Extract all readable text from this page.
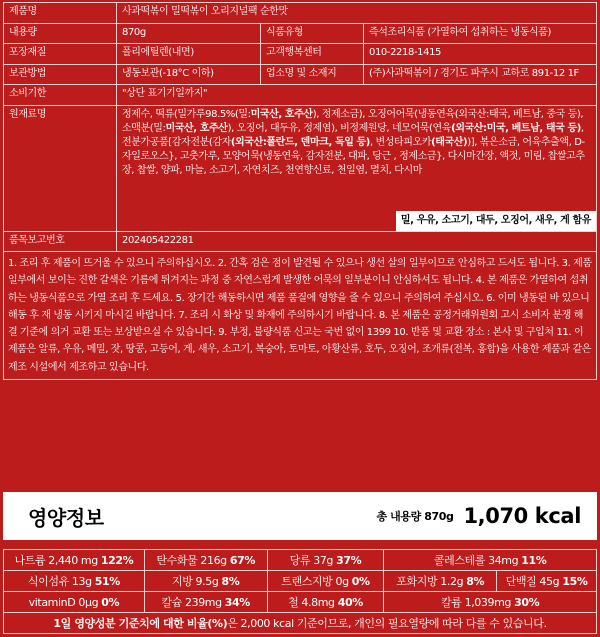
제품명	사과떡볶이 밀떡볶이 오리지널팩 순한맛		
내용량	870g	식품유형	즉석조리식품 (가열하여 섭취하는 냉동식품)
포장재질	폴리에틸렌(내면)	고객행복센터	010-2218-1415
보관방법	냉동보관(-18°C 이하)	업소명 및 소재지	(주)사과떡볶이 / 경기도 파주시 교하로 891-12 1F
소비기한	"상단 표기기일까지"		
원재료명	정제수, 떡류(밀가루98.5%(밀:미국산, 호주산), 정제소금), 오징어어묵(냉동연육(외국산:태국, 베트남, 중국 등),소맥분(밀:미국산, 호주산), 오징어, 대두유, 정제염), 비정제원당, 네모어묵(연육(외국산:미국, 베트남, 태국 등), 전분가공품[감자전분(감자(외국산:폴란드, 덴마크, 독일 등), 변성타피오카(태국산))], 볶은소금, 어육추출액, D-자일로오스}, 고춧가루, 모양어묵(냉동연육, 감자전분, 대파, 당근 , 정제소금}, 다시마간장, 액젓, 미림, 찹쌀고추장, 찹쌀, 양파, 마늘, 소고기, 자연치즈, 천연향신료, 천일염, 멸치, 다시마
밀, 우유, 소고기, 대두, 오징어, 새우, 게 함유		

품목보고번호	202405422281		
1. 조리 후 제품이 뜨거울 수 있으니 주의하십시오. 2. 간혹 검은 점이 발견될 수 있으나 생선 살의 일부이므로 안심하고 드셔도 됩니다. 3. 제품 일부에서 보이는 진한 갈색은 기름에 튀겨지는 과정 중 자연스럽게 발생한 어묵의 일부분이니 안심하셔도 됩니다. 4. 본 제품은 가열하여 섭취하는 냉동식품으로 가열 조리 후 드세요. 5. 장기간 해동하시면 제품 품질에 영향을 줄 수 있으니 주의하여 주십시오. 6. 이미 냉동된 바 있으니 해동 후 재 냉동 시키지 마시길 바랍니다. 7. 조리 시 화상 및 화재에 주의하시기 바랍니다. 8. 본 제품은 공정거래위원회 고시 소비자 분쟁 해결 기준에 의거 교환 또는 보상받으실 수 있습니다. 9. 부정, 불량식품 신고는 국번 없이 1399 10. 반품 및 교환 장소 : 본사 및 구입처 11. 이 제품은 알류, 우유, 메밀, 잣, 땅콩, 고등어, 게, 새우, 소고기, 복숭아, 토마토, 아황산류, 호두, 오징어, 조개류(전복, 홍합)을 사용한 제품과 같은 제조 시설에서 제조하고 있습니다.			
영양정보	총 내용량 870g 1,070 kcal
나트륨 2,440 mg 122%	탄수화물 216g 67%	당류 37g 37%	콜레스테롤 34mg 11%	
식이섬유 13g 51%	지방 9.5g 8%	트랜스지방 0g 0%	포화지방 1.2g 8%	단백질 45g 15%
vitaminD 0μg 0%	칼슘 239mg 34%	철 4.8mg 40%	칼륨 1,039mg 30%	
1일 영양성분 기준치에 대한 비율(%)은 2,000 kcal 기준이므로, 개인의 필요열량에 따라 다를 수 있습니다.				
